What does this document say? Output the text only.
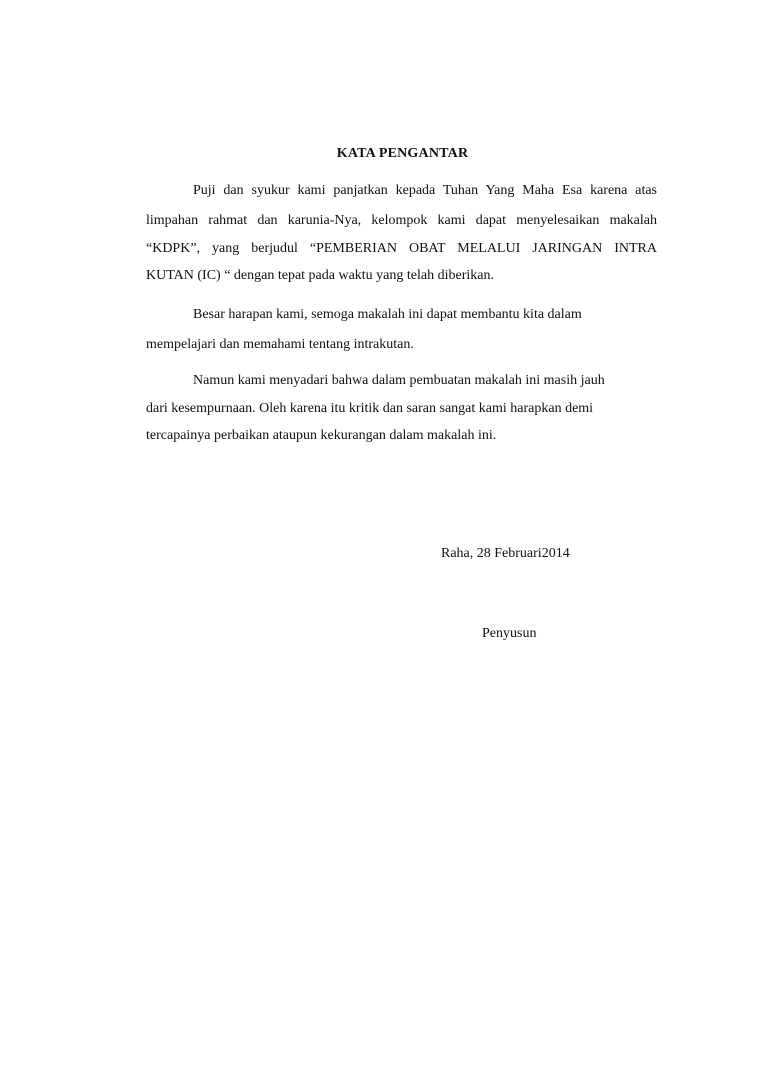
KATA PENGANTAR
Puji dan syukur kami panjatkan kepada Tuhan Yang Maha Esa karena atas
limpahan rahmat dan karunia-Nya, kelompok kami dapat menyelesaikan makalah
“KDPK”, yang berjudul “PEMBERIAN OBAT MELALUI JARINGAN INTRA
KUTAN (IC) “ dengan tepat pada waktu yang telah diberikan.
Besar harapan kami, semoga makalah ini dapat membantu kita dalam
mempelajari dan memahami tentang intrakutan.
Namun kami menyadari bahwa dalam pembuatan makalah ini masih jauh
dari kesempurnaan. Oleh karena itu kritik dan saran sangat kami harapkan demi
tercapainya perbaikan ataupun kekurangan dalam makalah ini.
Raha, 28 Februari2014
Penyusun
